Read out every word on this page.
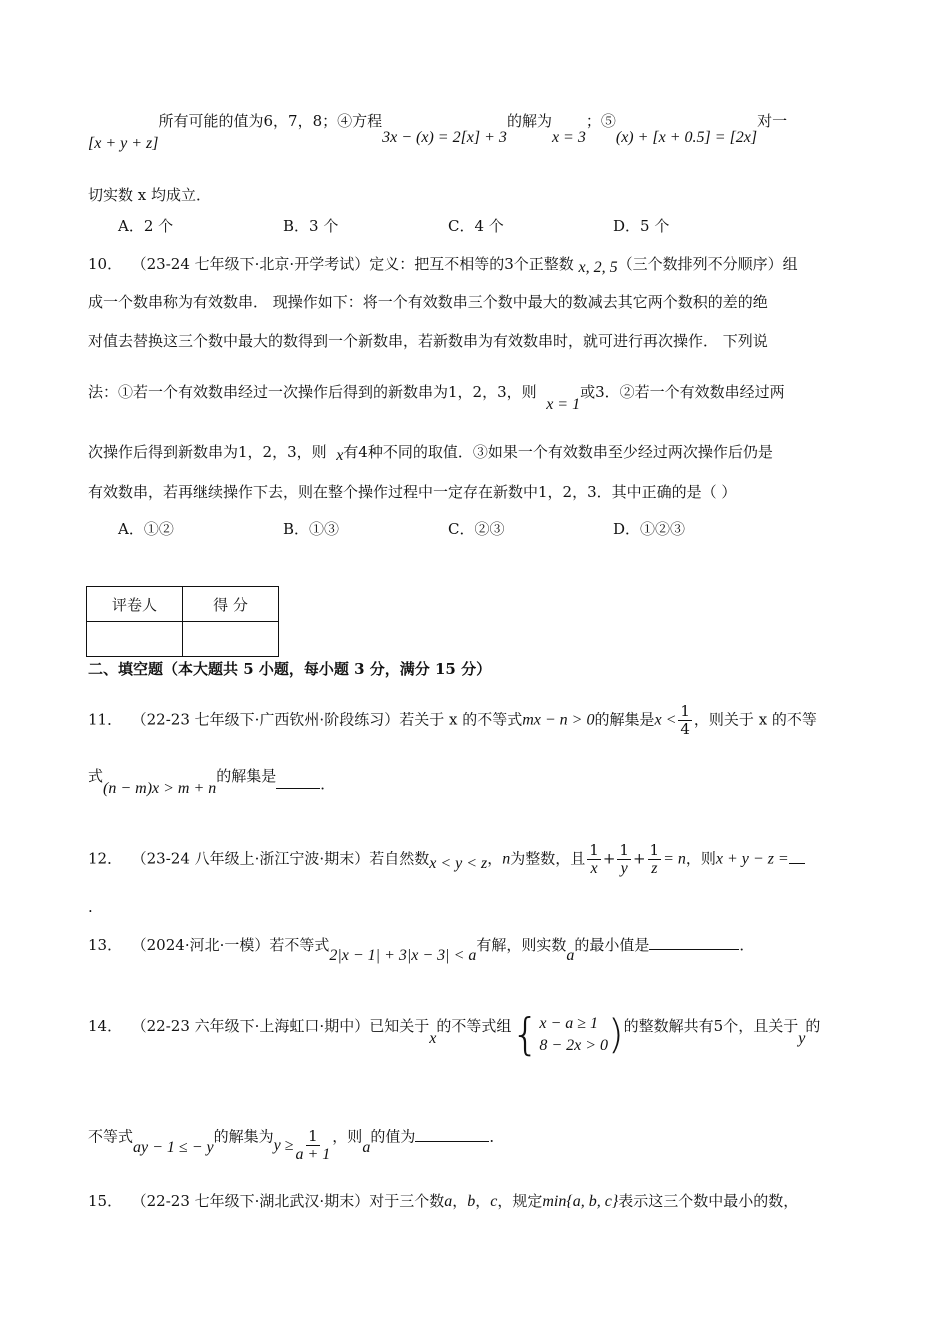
[x + y + z]所有可能的值为6，7，8；④方程3x − (x) = 2[x] + 3的解为x = 3；⑤(x) + [x + 0.5] = [2x]对一
切实数 x 均成立．
A．2 个	B．3 个	C．4 个	D．5 个
10． （23-24 七年级下·北京·开学考试）定义：把互不相等的3个正整数 x, 2, 5（三个数排列不分顺序）组
成一个数串称为有效数串． 现操作如下：将一个有效数串三个数中最大的数减去其它两个数积的差的绝
对值去替换这三个数中最大的数得到一个新数串，若新数串为有效数串时，就可进行再次操作． 下列说
法：①若一个有效数串经过一次操作后得到的新数串为1，2，3，则  x = 1或3．②若一个有效数串经过两
次操作后得到新数串为1，2，3，则 x有4种不同的取值．③如果一个有效数串至少经过两次操作后仍是
有效数串，若再继续操作下去，则在整个操作过程中一定存在新数中1，2，3．其中正确的是（ ）
A．①②	B．①③	C．②③	D．①②③
评卷人	得 分

二、填空题（本大题共 5 小题，每小题 3 分，满分 15 分）
11． （22-23 七年级下·广西钦州·阶段练习）若关于 x 的不等式mx − n > 0的解集是$x < \frac{1}{4}$ ，则关于 x 的不等
式(n − m)x > m + n的解集是	．
12． （23-24 八年级上·浙江宁波·期末）若自然数x < y < z，n为整数，且 $\frac{1}{x} + \frac{1}{y} + \frac{1}{z} = n$，则x + y − z =
.
13． （2024·河北·一模）若不等式2|x − 1| + 3|x − 3| < a有解，则实数a的最小值是	．
14． （22-23 六年级下·上海虹口·期中）已知关于x的不等式组 { x − a ≥ 1
8 − 2x > 0 ) 的整数解共有5个，且关于y的
不等式ay − 1 ≤ − y的解集为$y \ge \frac{1}{a + 1}$ ，则a的值为	．
15． （22-23 七年级下·湖北武汉·期末）对于三个数a，b，c，规定min{a, b, c}表示这三个数中最小的数，
